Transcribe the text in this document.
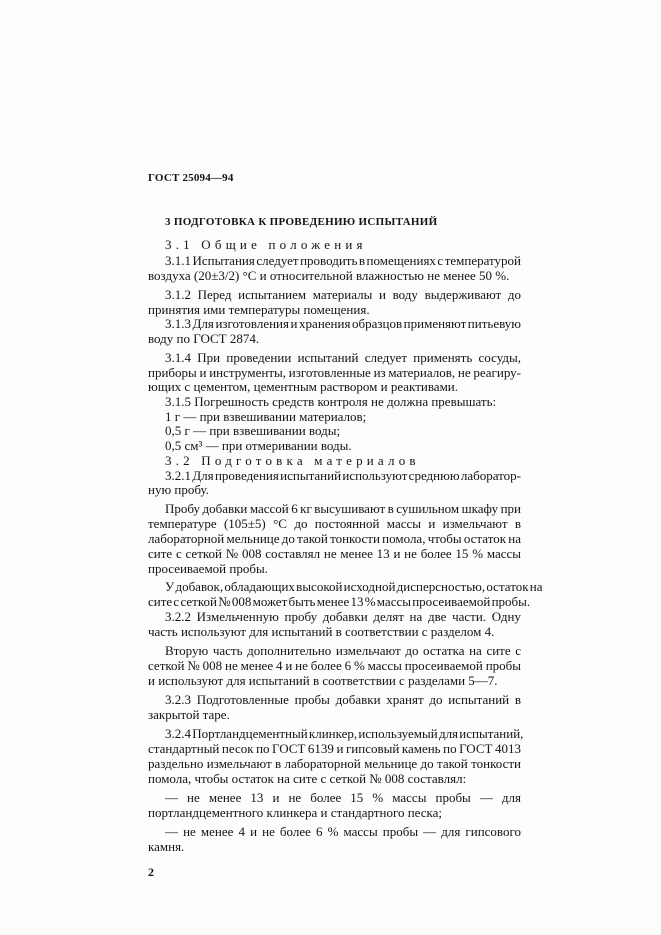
ГОСТ 25094—94
3 ПОДГОТОВКА К ПРОВЕДЕНИЮ ИСПЫТАНИЙ
3.1 Общие положения
3.1.1 Испытания следует проводить в помещениях с температурой
воздуха (20±3/2) °С и относительной влажностью не менее 50 %.
3.1.2 Перед испытанием материалы и воду выдерживают до
принятия ими температуры помещения.
3.1.3 Для изготовления и хранения образцов применяют питьевую
воду по ГОСТ 2874.
3.1.4 При проведении испытаний следует применять сосуды,
приборы и инструменты, изготовленные из материалов, не реагиру-
ющих с цементом, цементным раствором и реактивами.
3.1.5 Погрешность средств контроля не должна превышать:
1 г — при взвешивании материалов;
0,5 г — при взвешивании воды;
0,5 см³ — при отмеривании воды.
3.2 Подготовка материалов
3.2.1 Для проведения испытаний используют среднюю лаборатор-
ную пробу.
Пробу добавки массой 6 кг высушивают в сушильном шкафу при
температуре (105±5) °С до постоянной массы и измельчают в
лабораторной мельнице до такой тонкости помола, чтобы остаток на
сите с сеткой № 008 составлял не менее 13 и не более 15 % массы
просеиваемой пробы.
У добавок, обладающих высокой исходной дисперсностью, остаток на
сите с сеткой № 008 может быть менее 13 % массы просеиваемой пробы.
3.2.2 Измельченную пробу добавки делят на две части. Одну
часть используют для испытаний в соответствии с разделом 4.
Вторую часть дополнительно измельчают до остатка на сите с
сеткой № 008 не менее 4 и не более 6 % массы просеиваемой пробы
и используют для испытаний в соответствии с разделами 5—7.
3.2.3 Подготовленные пробы добавки хранят до испытаний в
закрытой таре.
3.2.4 Портландцементный клинкер, используемый для испытаний,
стандартный песок по ГОСТ 6139 и гипсовый камень по ГОСТ 4013
раздельно измельчают в лабораторной мельнице до такой тонкости
помола, чтобы остаток на сите с сеткой № 008 составлял:
— не менее 13 и не более 15 % массы пробы — для
портландцементного клинкера и стандартного песка;
— не менее 4 и не более 6 % массы пробы — для гипсового
камня.
2
